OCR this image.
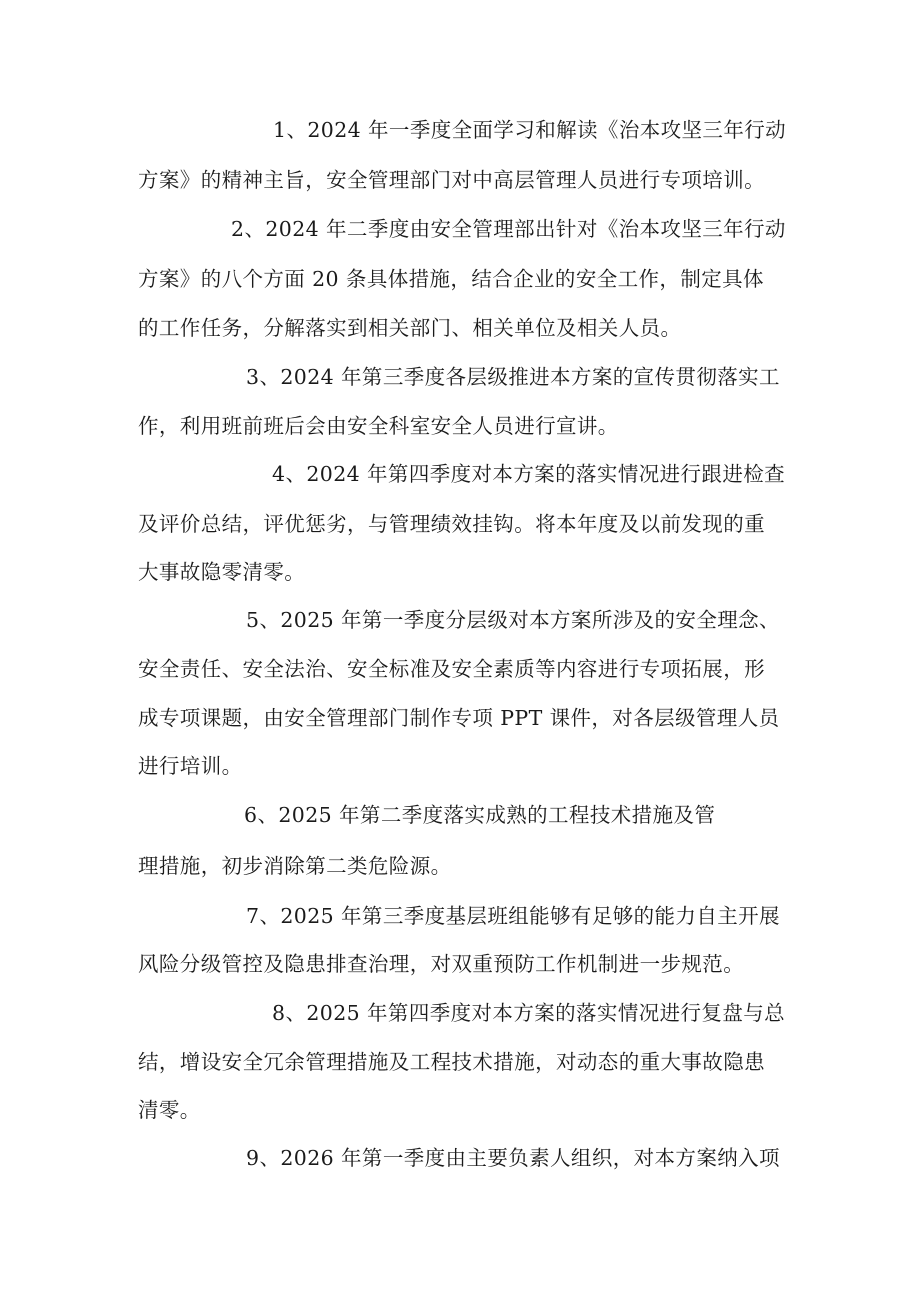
1、2024 年一季度全面学习和解读《治本攻坚三年行动
方案》的精神主旨，安全管理部门对中高层管理人员进行专项培训。
2、2024 年二季度由安全管理部出针对《治本攻坚三年行动
方案》的八个方面 20 条具体措施，结合企业的安全工作，制定具体
的工作任务，分解落实到相关部门、相关单位及相关人员。
3、2024 年第三季度各层级推进本方案的宣传贯彻落实工
作，利用班前班后会由安全科室安全人员进行宣讲。
4、2024 年第四季度对本方案的落实情况进行跟进检查
及评价总结，评优惩劣，与管理绩效挂钩。将本年度及以前发现的重
大事故隐零清零。
5、2025 年第一季度分层级对本方案所涉及的安全理念、
安全责任、安全法治、安全标准及安全素质等内容进行专项拓展，形
成专项课题，由安全管理部门制作专项 PPT 课件，对各层级管理人员
进行培训。
6、2025 年第二季度落实成熟的工程技术措施及管
理措施，初步消除第二类危险源。
7、2025 年第三季度基层班组能够有足够的能力自主开展
风险分级管控及隐患排查治理，对双重预防工作机制进一步规范。
8、2025 年第四季度对本方案的落实情况进行复盘与总
结，增设安全冗余管理措施及工程技术措施，对动态的重大事故隐患
清零。
9、2026 年第一季度由主要负素人组织，对本方案纳入项
